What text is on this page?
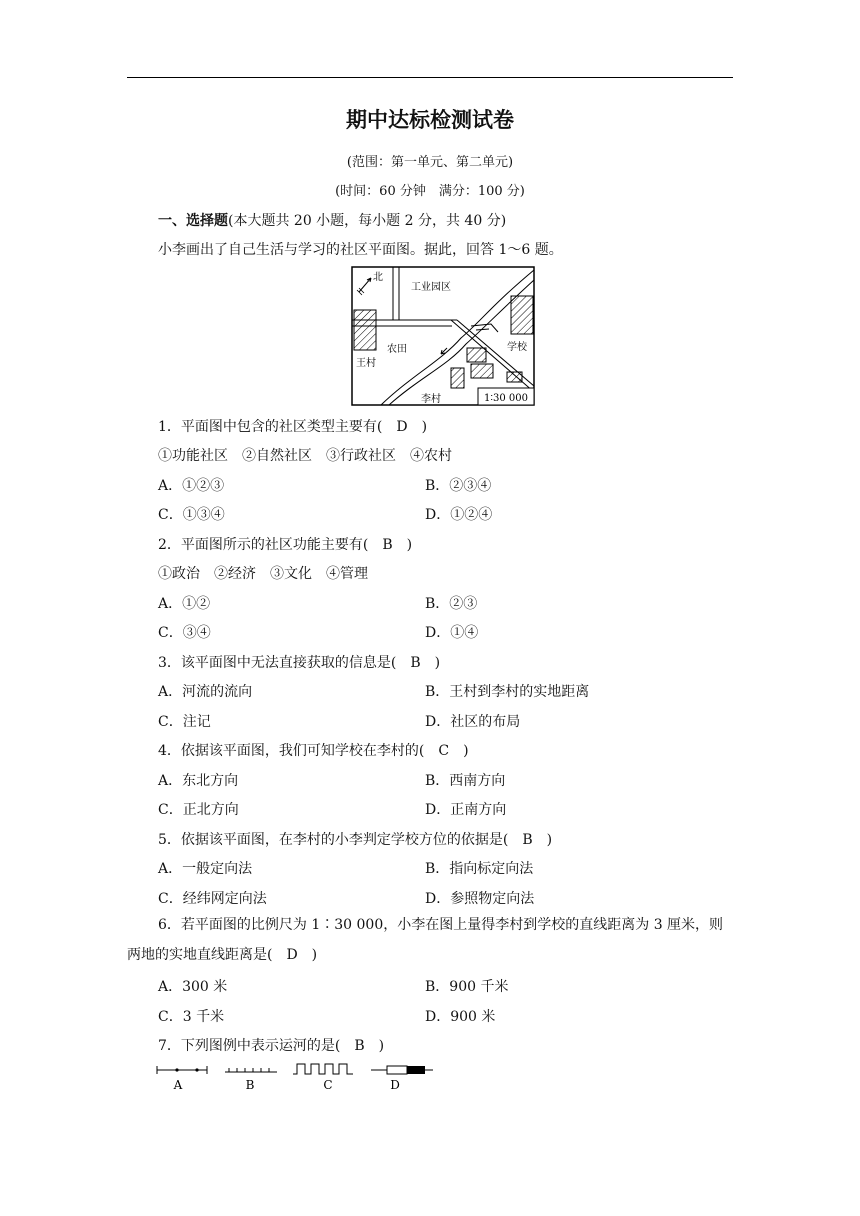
期中达标检测试卷
(范围：第一单元、第二单元)
(时间：60 分钟　满分：100 分)
一、选择题(本大题共 20 小题，每小题 2 分，共 40 分)
小李画出了自己生活与学习的社区平面图。据此，回答 1～6 题。
北
工业园区
农田	学校
王村
李村	1∶30 000
1．平面图中包含的社区类型主要有(　D　)
①功能社区　②自然社区　③行政社区　④农村
A．①②③	B．②③④
C．①③④	D．①②④
2．平面图所示的社区功能主要有(　B　)
①政治　②经济　③文化　④管理
A．①②	B．②③
C．③④	D．①④
3．该平面图中无法直接获取的信息是(　B　)
A．河流的流向	B．王村到李村的实地距离
C．注记	D．社区的布局
4．依据该平面图，我们可知学校在李村的(　C　)
A．东北方向	B．西南方向
C．正北方向	D．正南方向
5．依据该平面图，在李村的小李判定学校方位的依据是(　B　)
A．一般定向法	B．指向标定向法
C．经纬网定向法	D．参照物定向法
6．若平面图的比例尺为 1∶30 000，小李在图上量得李村到学校的直线距离为 3 厘米，则两地的实地直线距离是(　D　)
A．300 米	B．900 千米
C．3 千米	D．900 米
7．下列图例中表示运河的是(　B　)
A	B	C	D
